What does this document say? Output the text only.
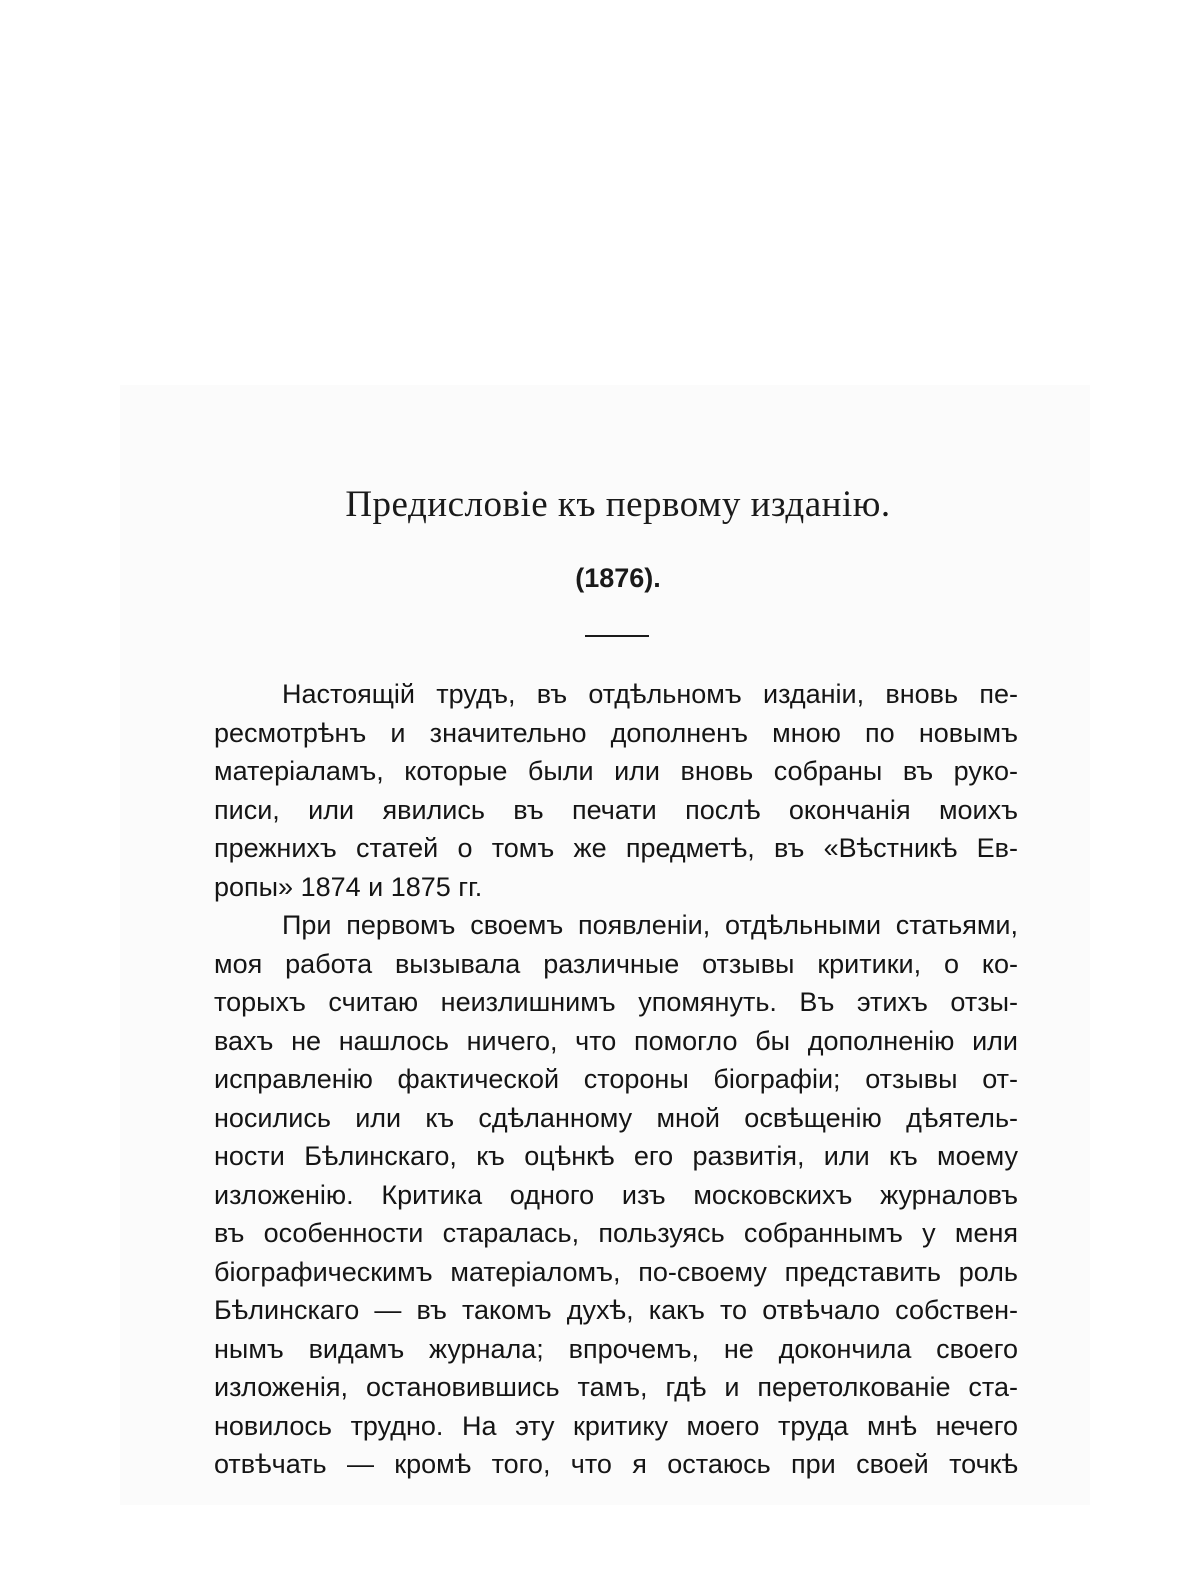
Предисловіе къ первому изданію.
(1876).
Настоящій трудъ, въ отдѣльномъ изданіи, вновь пе-
ресмотрѣнъ и значительно дополненъ мною по новымъ
матеріаламъ, которые были или вновь собраны въ руко-
писи, или явились въ печати послѣ окончанія моихъ
прежнихъ статей о томъ же предметѣ, въ «Вѣстникѣ Ев-
ропы» 1874 и 1875 гг.
При первомъ своемъ появленіи, отдѣльными статьями,
моя работа вызывала различные отзывы критики, о ко-
торыхъ считаю неизлишнимъ упомянуть. Въ этихъ отзы-
вахъ не нашлось ничего, что помогло бы дополненію или
исправленію фактической стороны біографіи; отзывы от-
носились или къ сдѣланному мной освѣщенію дѣятель-
ности Бѣлинскаго, къ оцѣнкѣ его развитія, или къ моему
изложенію. Критика одного изъ московскихъ журналовъ
въ особенности старалась, пользуясь собраннымъ у меня
біографическимъ матеріаломъ, по-своему представить роль
Бѣлинскаго — въ такомъ духѣ, какъ то отвѣчало собствен-
нымъ видамъ журнала; впрочемъ, не докончила своего
изложенія, остановившись тамъ, гдѣ и перетолкованіе ста-
новилось трудно. На эту критику моего труда мнѣ нечего
отвѣчать — кромѣ того, что я остаюсь при своей точкѣ
